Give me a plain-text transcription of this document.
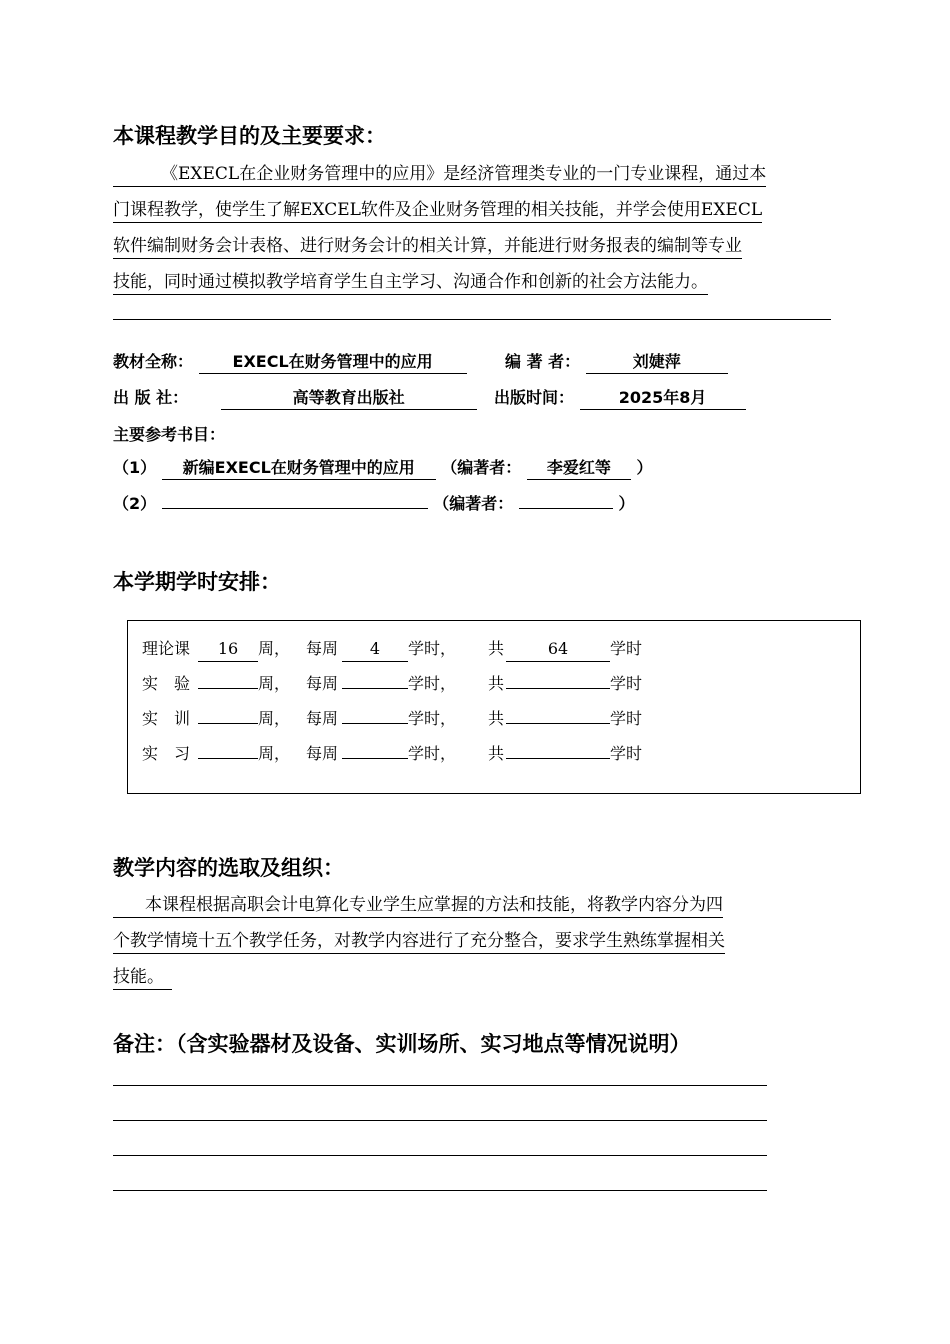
本课程教学目的及主要要求：
《EXECL在企业财务管理中的应用》是经济管理类专业的一门专业课程，通过本
门课程教学，使学生了解EXCEL软件及企业财务管理的相关技能，并学会使用EXECL
软件编制财务会计表格、进行财务会计的相关计算，并能进行财务报表的编制等专业
技能，同时通过模拟教学培育学生自主学习、沟通合作和创新的社会方法能力。
教材全称： EXECL在财务管理中的应用	编 著 者：	刘婕萍
出 版 社：	高等教育出版社	出版时间：	2025年8月
主要参考书目：
（1） 新编EXECL在财务管理中的应用 （编著者： 李爱红等 ）
（2）	（编著者：	）
本学期学时安排：
理论课 16 周， 每周 4 学时， 共	64	学时
实　验	周， 每周	学时， 共	学时
实　训	周， 每周	学时， 共	学时
实　习	周， 每周	学时， 共	学时
教学内容的选取及组织：
本课程根据高职会计电算化专业学生应掌握的方法和技能，将教学内容分为四
个教学情境十五个教学任务，对教学内容进行了充分整合，要求学生熟练掌握相关
技能。
备注：（含实验器材及设备、实训场所、实习地点等情况说明）
